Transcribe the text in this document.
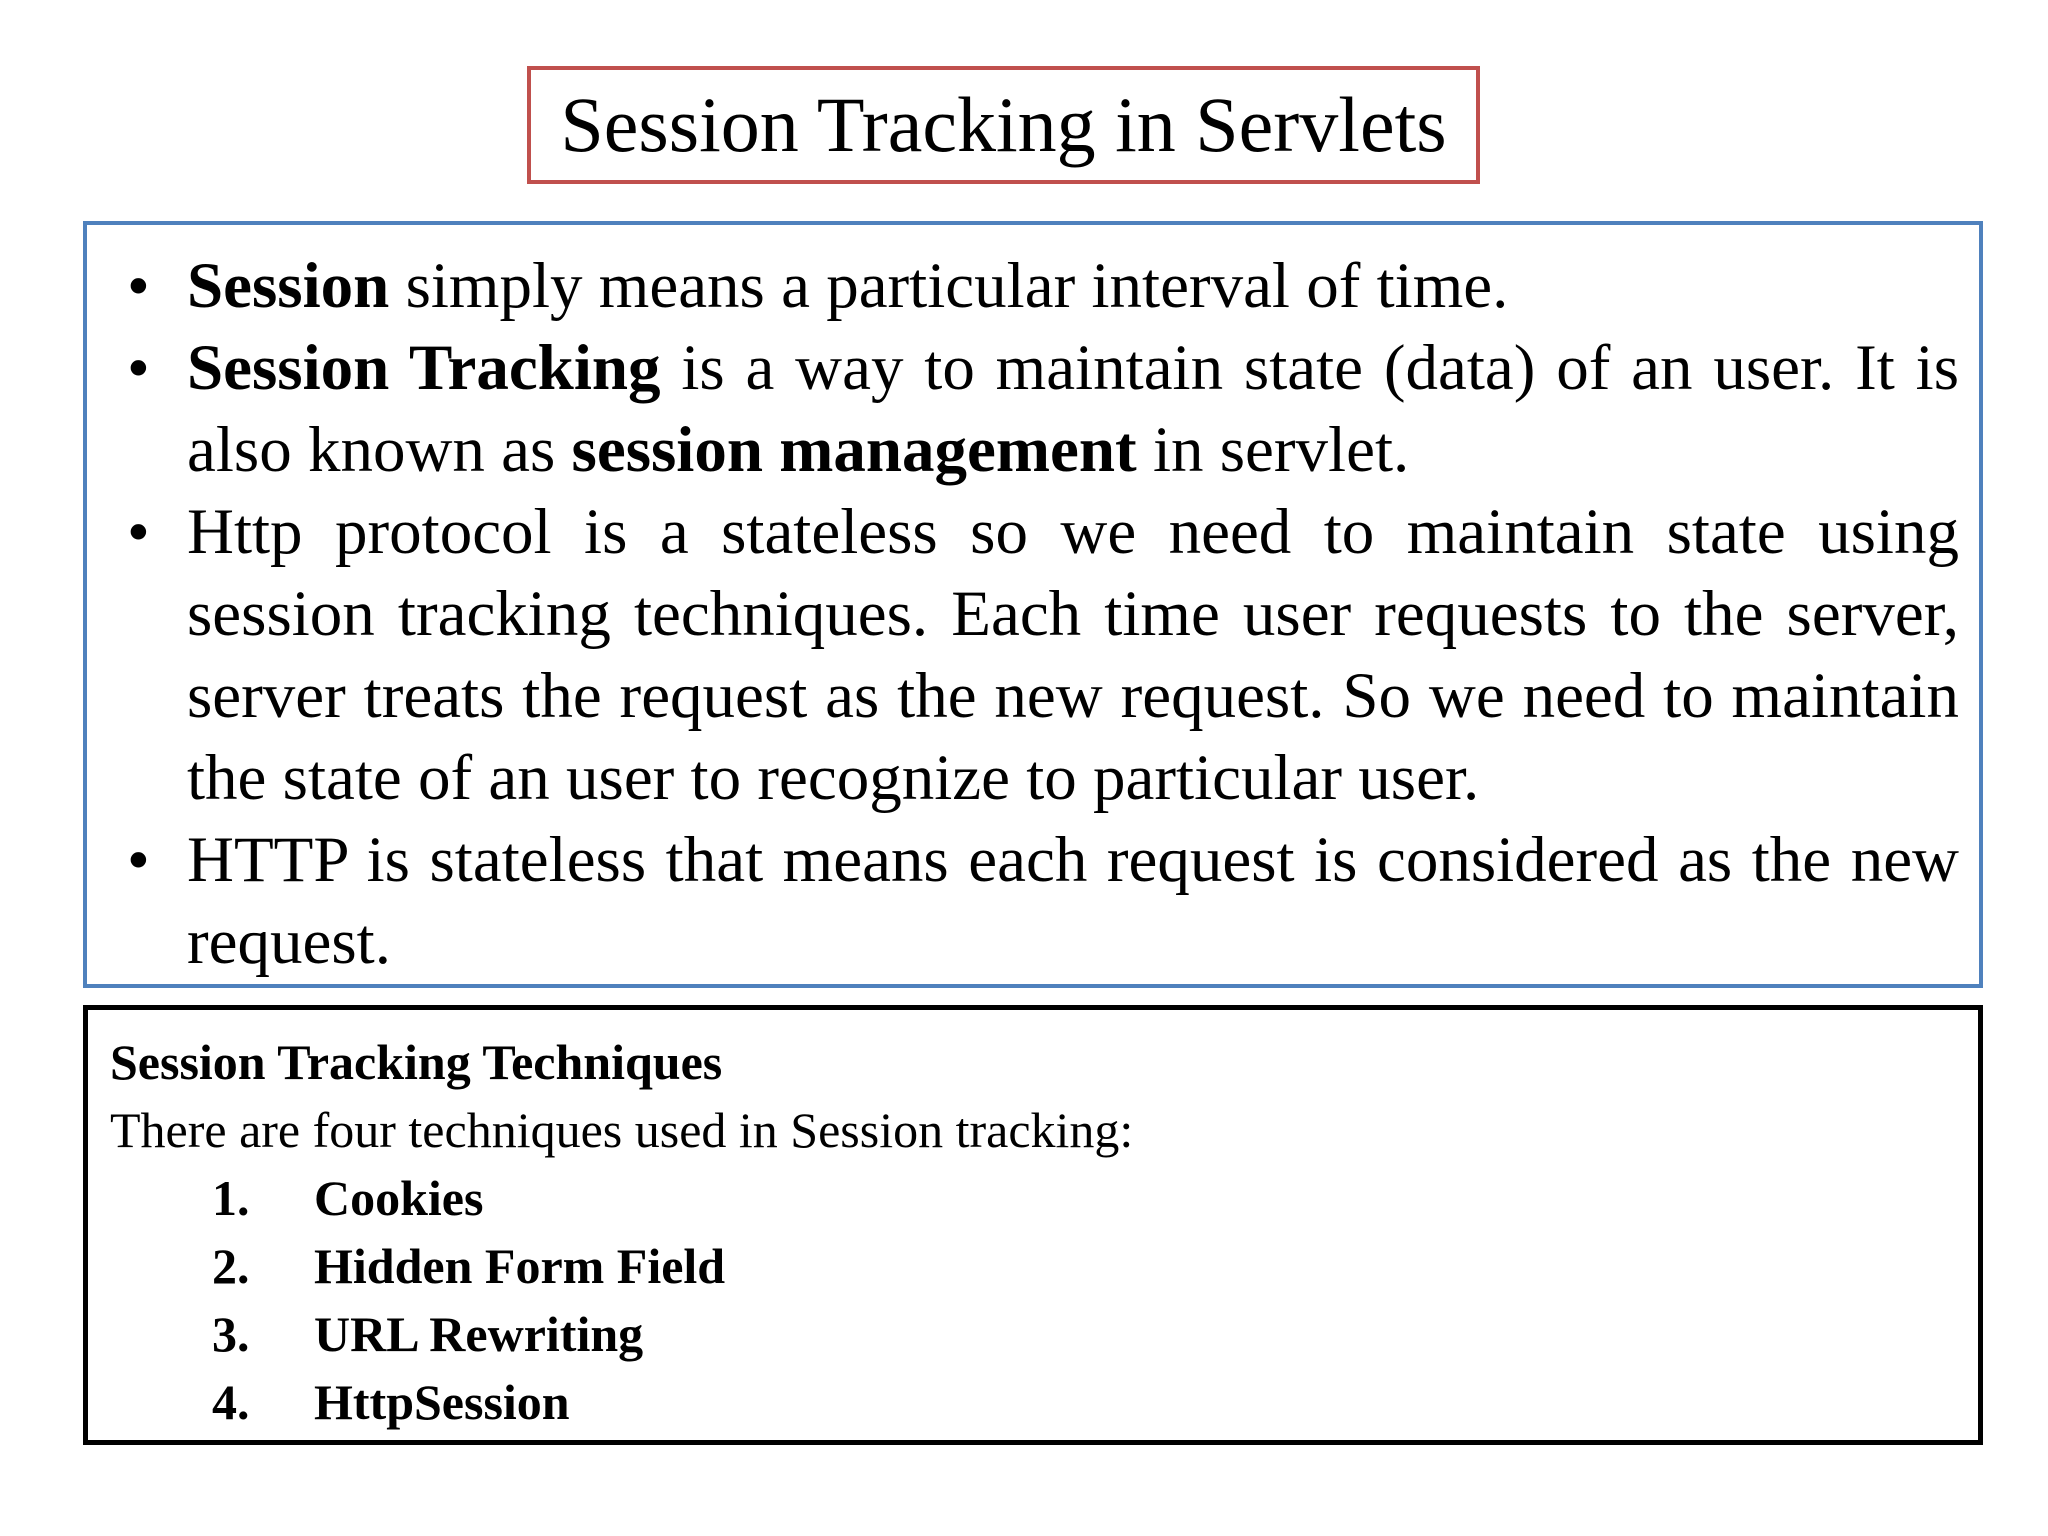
Session Tracking in Servlets
• Session simply means a particular interval of time.
• Session Tracking is a way to maintain state (data) of an user. It is also known as session management in servlet.
• Http protocol is a stateless so we need to maintain state using session tracking techniques. Each time user requests to the server, server treats the request as the new request. So we need to maintain the state of an user to recognize to particular user.
• HTTP is stateless that means each request is considered as the new request.
Session Tracking Techniques
There are four techniques used in Session tracking:
1.	Cookies
2.	Hidden Form Field
3.	URL Rewriting
4.	HttpSession
